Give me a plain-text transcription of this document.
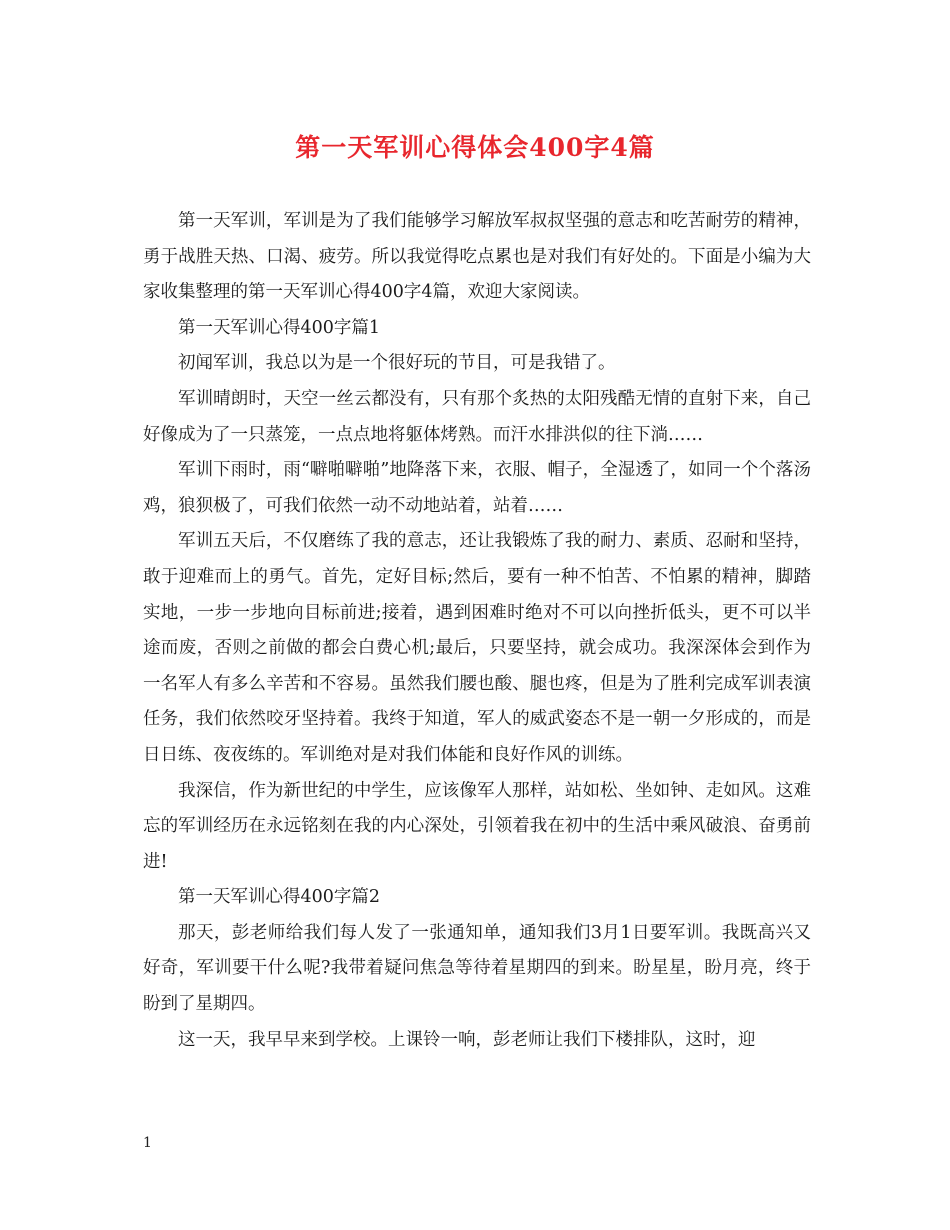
第一天军训心得体会400字4篇

第一天军训，军训是为了我们能够学习解放军叔叔坚强的意志和吃苦耐劳的精神，勇于战胜天热、口渴、疲劳。所以我觉得吃点累也是对我们有好处的。下面是小编为大家收集整理的第一天军训心得400字4篇，欢迎大家阅读。

第一天军训心得400字篇1

初闻军训，我总以为是一个很好玩的节目，可是我错了。

军训晴朗时，天空一丝云都没有，只有那个炙热的太阳残酷无情的直射下来，自己好像成为了一只蒸笼，一点点地将躯体烤熟。而汗水排洪似的往下淌……

军训下雨时，雨“噼啪噼啪”地降落下来，衣服、帽子，全湿透了，如同一个个落汤鸡，狼狈极了，可我们依然一动不动地站着，站着……

军训五天后，不仅磨练了我的意志，还让我锻炼了我的耐力、素质、忍耐和坚持，敢于迎难而上的勇气。首先，定好目标;然后，要有一种不怕苦、不怕累的精神，脚踏实地，一步一步地向目标前进;接着，遇到困难时绝对不可以向挫折低头，更不可以半途而废，否则之前做的都会白费心机;最后，只要坚持，就会成功。我深深体会到作为一名军人有多么辛苦和不容易。虽然我们腰也酸、腿也疼，但是为了胜利完成军训表演任务，我们依然咬牙坚持着。我终于知道，军人的威武姿态不是一朝一夕形成的，而是日日练、夜夜练的。军训绝对是对我们体能和良好作风的训练。

我深信，作为新世纪的中学生，应该像军人那样，站如松、坐如钟、走如风。这难忘的军训经历在永远铭刻在我的内心深处，引领着我在初中的生活中乘风破浪、奋勇前进!

第一天军训心得400字篇2

那天，彭老师给我们每人发了一张通知单，通知我们3月1日要军训。我既高兴又好奇，军训要干什么呢?我带着疑问焦急等待着星期四的到来。盼星星，盼月亮，终于盼到了星期四。

这一天，我早早来到学校。上课铃一响，彭老师让我们下楼排队，这时，迎

1
